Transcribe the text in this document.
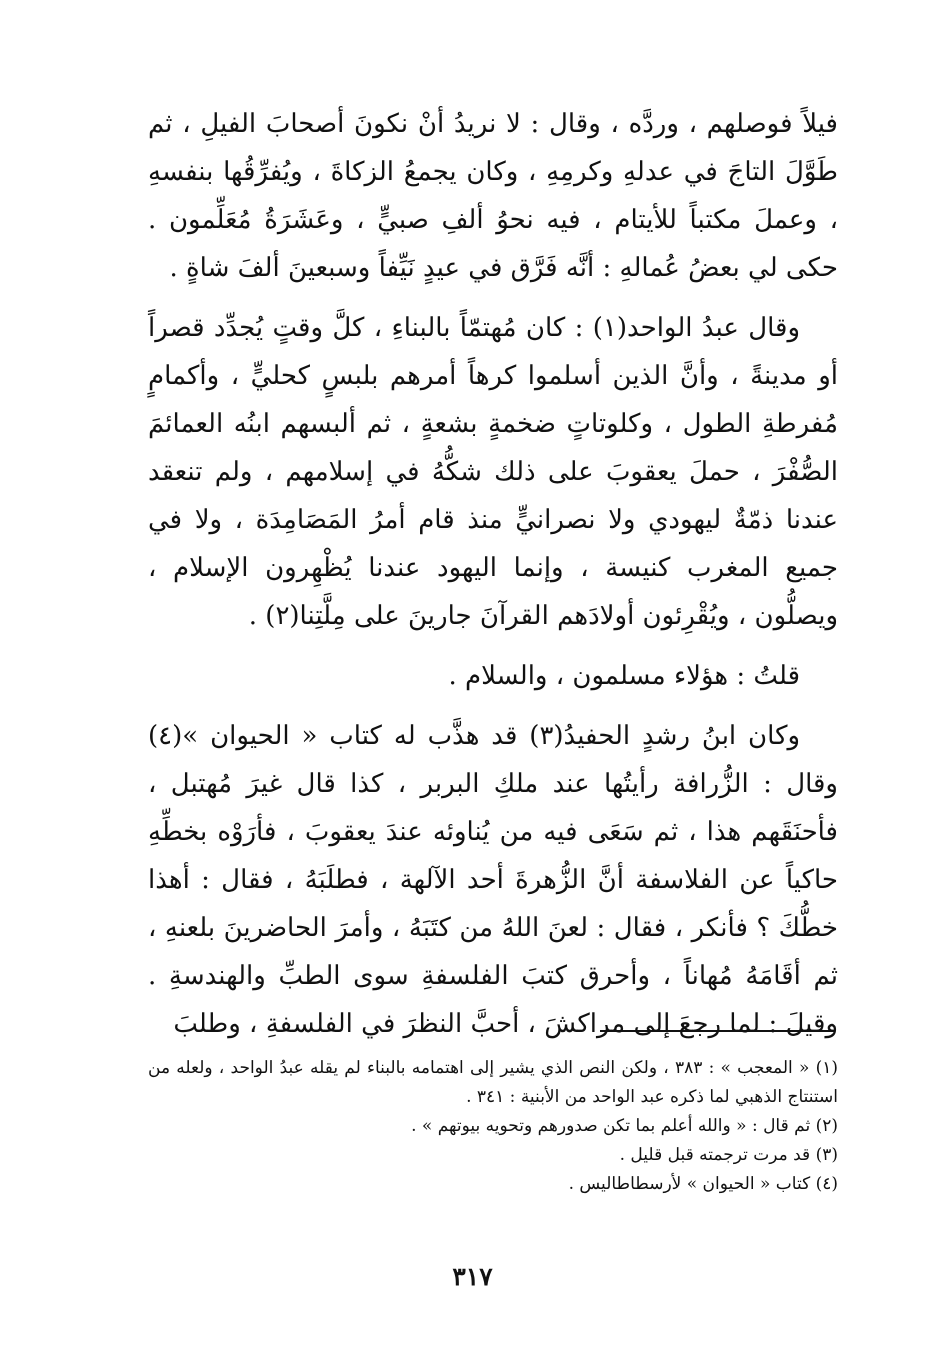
فيلاً فوصلهم ، وردَّه ، وقال : لا نريدُ أنْ نكونَ أصحابَ الفيلِ ، ثم طَوَّلَ التاجَ في عدلهِ وكرمِهِ ، وكان يجمعُ الزكاةَ ، ويُفرِّقُها بنفسهِ ، وعملَ مكتباً للأيتام ، فيه نحوُ ألفِ صبيٍّ ، وعَشَرَةُ مُعَلِّمون . حكى لي بعضُ عُمالهِ : أنَّه فَرَّق في عيدٍ نَيِّفاً وسبعينَ ألفَ شاةٍ .

وقال عبدُ الواحد(١) : كان مُهتمّاً بالبناءِ ، كلَّ وقتٍ يُجدِّد قصراً أو مدينةً ، وأنَّ الذين أسلموا كرهاً أمرهم بلبسٍ كحليٍّ ، وأكمامٍ مُفرطةِ الطول ، وكلوتاتٍ ضخمةٍ بشعةٍ ، ثم ألبسهم ابنُه العمائمَ الصُّفْرَ ، حملَ يعقوبَ على ذلك شكُّهُ في إسلامهم ، ولم تنعقد عندنا ذمّةٌ ليهودي ولا نصرانيٍّ منذ قام أمرُ المَصَامِدَة ، ولا في جميع المغرب كنيسة ، وإنما اليهود عندنا يُظْهِرون الإسلام ، ويصلُّون ، ويُقْرِئون أولادَهم القرآنَ جارينَ على مِلَّتِنا(٢) .

قلتُ : هؤلاء مسلمون ، والسلام .

وكان ابنُ رشدٍ الحفيدُ(٣) قد هذَّب له كتاب « الحيوان »(٤) وقال : الزُّرافة رأيتُها عند ملكِ البربر ، كذا قال غيرَ مُهتبل ، فأحنَقَهم هذا ، ثم سَعَى فيه من يُناوئه عندَ يعقوبَ ، فأرَوْه بخطِّهِ حاكياً عن الفلاسفة أنَّ الزُّهرةَ أحد الآلهة ، فطلَبَهُ ، فقال : أهذا خطُّكَ ؟ فأنكر ، فقال : لعنَ اللهُ من كتَبَهُ ، وأمرَ الحاضرينَ بلعنهِ ، ثم أقَامَهُ مُهاناً ، وأحرق كتبَ الفلسفةِ سوى الطبِّ والهندسةِ . وقيلَ : لما رجعَ إلى مراكشَ ، أحبَّ النظرَ في الفلسفةِ ، وطلبَ

(١) « المعجب » : ٣٨٣ ، ولكن النص الذي يشير إلى اهتمامه بالبناء لم يقله عبدُ الواحد ، ولعله من استنتاج الذهبي لما ذكره عبد الواحد من الأبنية : ٣٤١ .

(٢) ثم قال : « والله أعلم بما تكن صدورهم وتحويه بيوتهم » .

(٣) قد مرت ترجمته قبل قليل .

(٤) كتاب « الحيوان » لأرسطاطاليس .

٣١٧
